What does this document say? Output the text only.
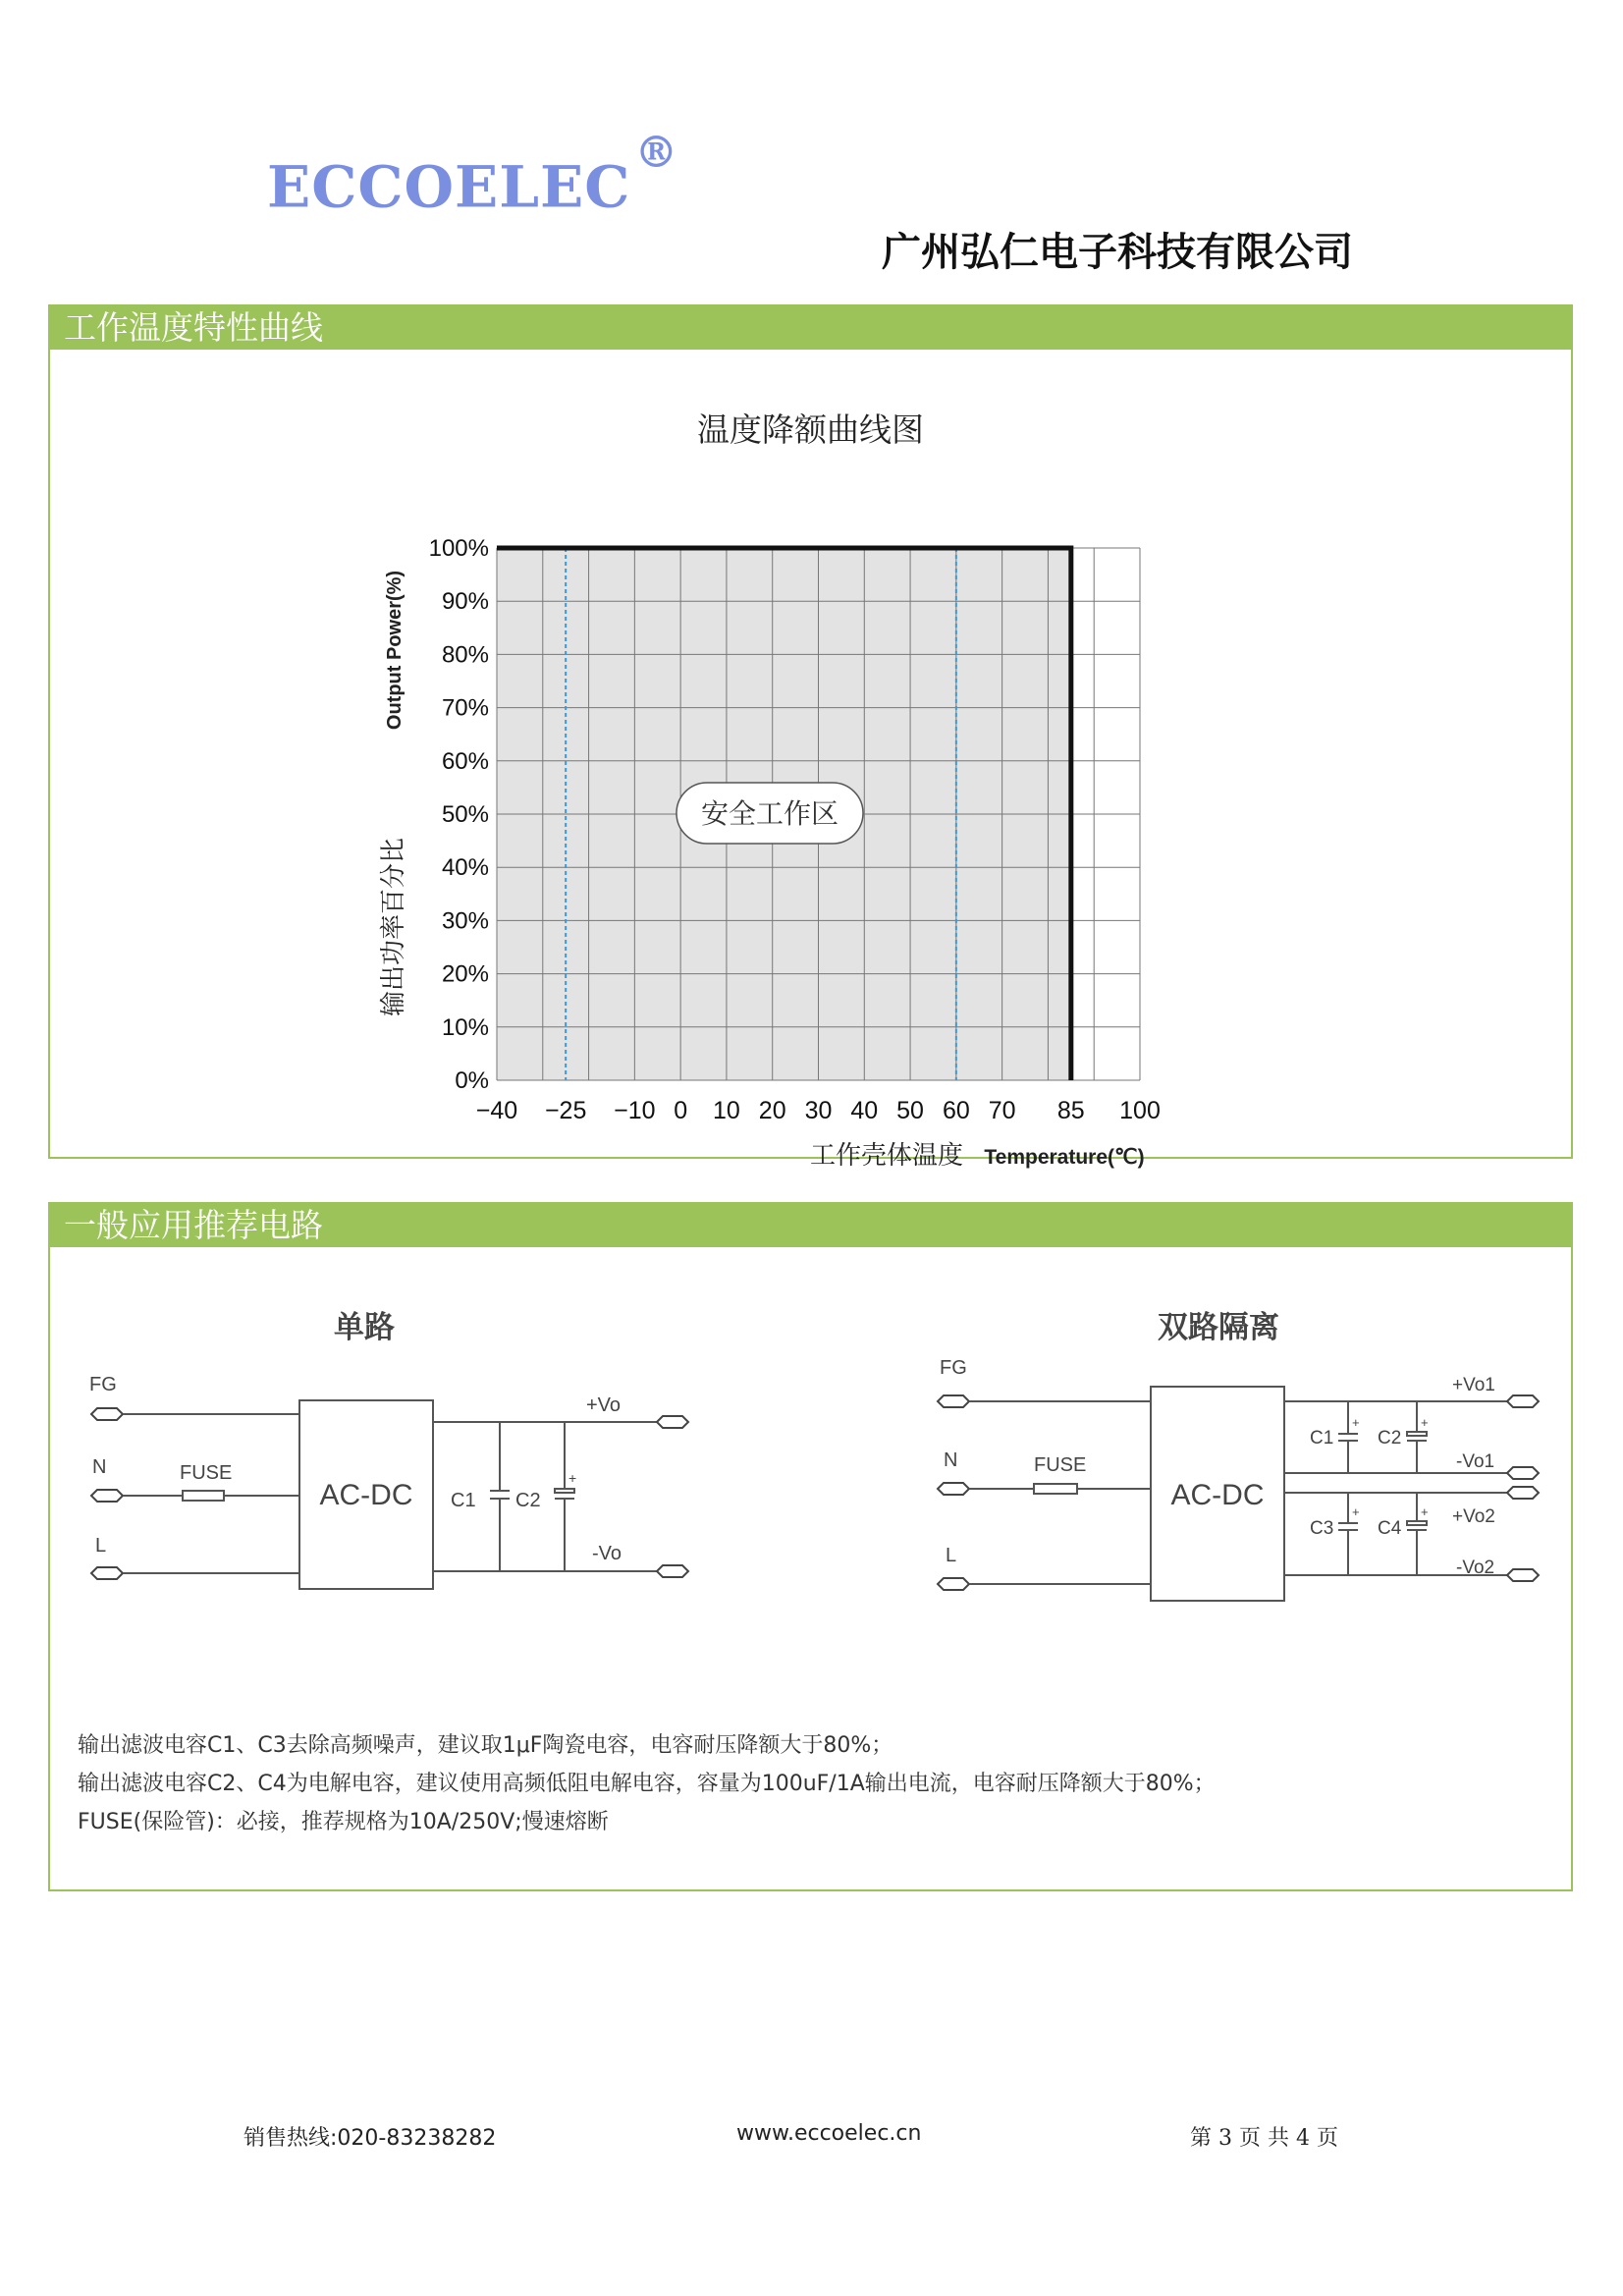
ECCOELEC®
广州弘仁电子科技有限公司
工作温度特性曲线
温度降额曲线图
0%
10%
20%
30%
40%
50%
60%
70%
80%
90%
100%
−40 −25 −10 0 10 20 30 40 50 60 70 85 100
输出功率百分比
Output Power(%)
工作壳体温度 Temperature(℃)
安全工作区
一般应用推荐电路
单路
FG
N
L
FUSE
AC-DC
+Vo
-Vo
C1
+
C2
双路隔离
FG
N
L
FUSE
AC-DC
+Vo1
-Vo1
+Vo2
-Vo2
+
C1
+
C2
+
C3
+
C4
输出滤波电容C1、C3去除高频噪声，建议取1μF陶瓷电容，电容耐压降额大于80%；
输出滤波电容C2、C4为电解电容，建议使用高频低阻电解电容，容量为100uF/1A输出电流，电容耐压降额大于80%；
FUSE(保险管)：必接，推荐规格为10A/250V;慢速熔断
销售热线:020-83238282	www.eccoelec.cn	第 3 页 共 4 页
